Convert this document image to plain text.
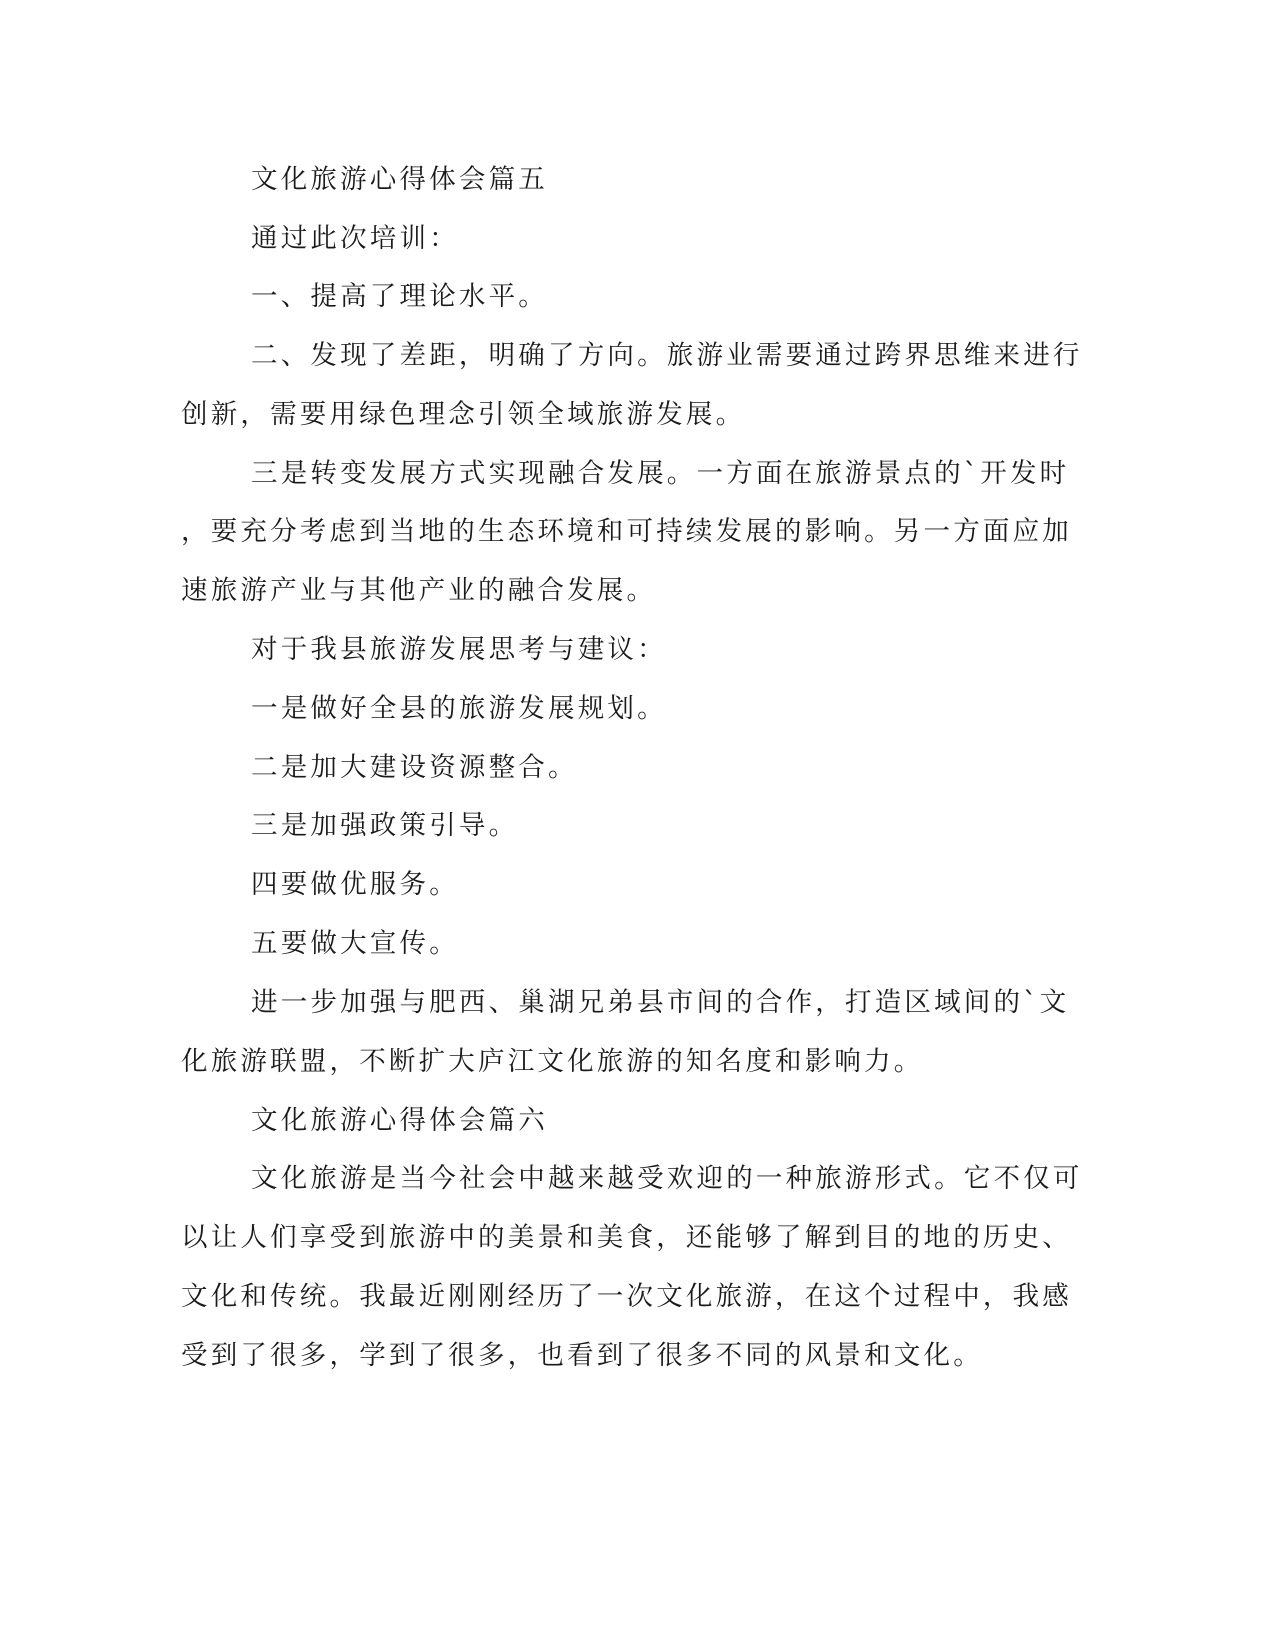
文化旅游心得体会篇五
通过此次培训：
一、提高了理论水平。
二、发现了差距，明确了方向。旅游业需要通过跨界思维来进行
创新，需要用绿色理念引领全域旅游发展。
三是转变发展方式实现融合发展。一方面在旅游景点的`开发时
，要充分考虑到当地的生态环境和可持续发展的影响。另一方面应加
速旅游产业与其他产业的融合发展。
对于我县旅游发展思考与建议：
一是做好全县的旅游发展规划。
二是加大建设资源整合。
三是加强政策引导。
四要做优服务。
五要做大宣传。
进一步加强与肥西、巢湖兄弟县市间的合作，打造区域间的`文
化旅游联盟，不断扩大庐江文化旅游的知名度和影响力。
文化旅游心得体会篇六
文化旅游是当今社会中越来越受欢迎的一种旅游形式。它不仅可
以让人们享受到旅游中的美景和美食，还能够了解到目的地的历史、
文化和传统。我最近刚刚经历了一次文化旅游，在这个过程中，我感
受到了很多，学到了很多，也看到了很多不同的风景和文化。
